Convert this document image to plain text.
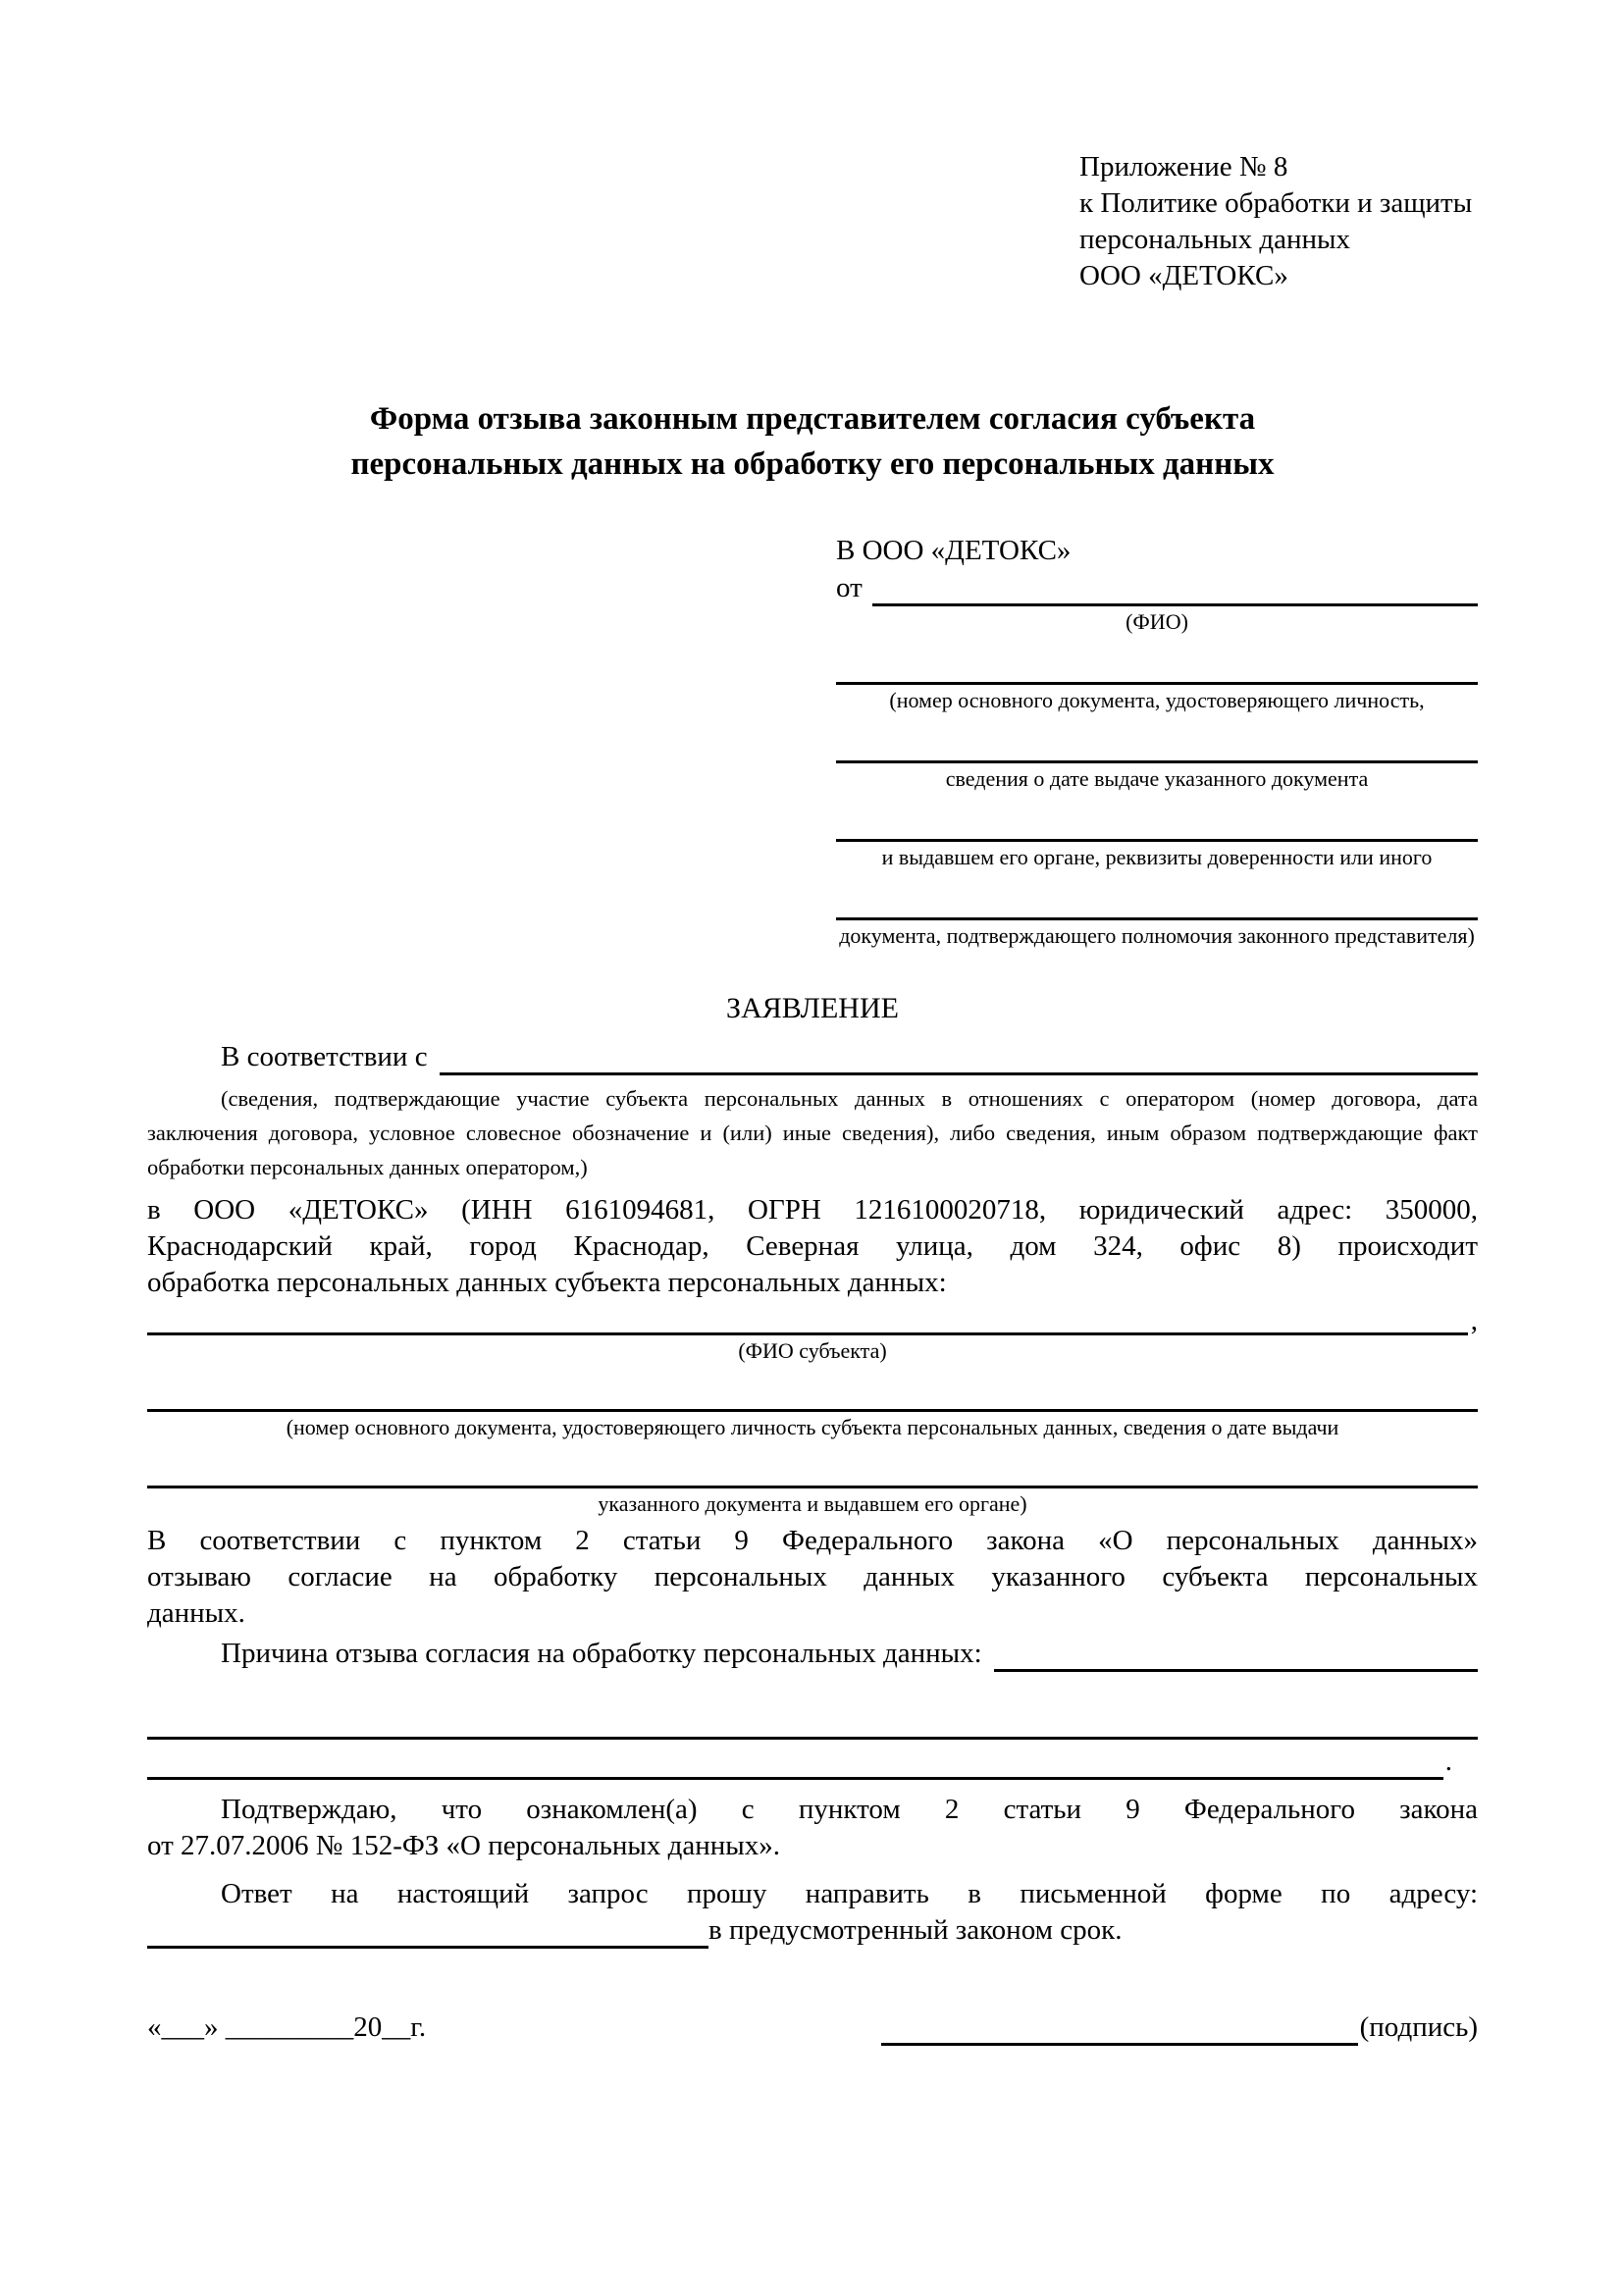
Приложение № 8
к Политике обработки и защиты
персональных данных
ООО «ДЕТОКС»
Форма отзыва законным представителем согласия субъекта
персональных данных на обработку его персональных данных
В ООО «ДЕТОКС»
от
(ФИО)
(номер основного документа, удостоверяющего личность,
сведения о дате выдаче указанного документа
и выдавшем его органе, реквизиты доверенности или иного
документа, подтверждающего полномочия законного представителя)
ЗАЯВЛЕНИЕ
В соответствии с
(сведения, подтверждающие участие субъекта персональных данных в отношениях с оператором (номер договора, дата
заключения договора, условное словесное обозначение и (или) иные сведения), либо сведения, иным образом подтверждающие факт
обработки персональных данных оператором,)
в ООО «ДЕТОКС» (ИНН 6161094681, ОГРН 1216100020718, юридический адрес: 350000,
Краснодарский край, город Краснодар, Северная улица, дом 324, офис 8) происходит
обработка персональных данных субъекта персональных данных:
,
(ФИО субъекта)
(номер основного документа, удостоверяющего личность субъекта персональных данных, сведения о дате выдачи
указанного документа и выдавшем его органе)
В соответствии с пунктом 2 статьи 9 Федерального закона «О персональных данных»
отзываю согласие на обработку персональных данных указанного субъекта персональных
данных.
Причина отзыва согласия на обработку персональных данных:
.
Подтверждаю, что ознакомлен(а) с пунктом 2 статьи 9 Федерального закона
от 27.07.2006 № 152-ФЗ «О персональных данных».
Ответ на настоящий запрос прошу направить в письменной форме по адресу:
в предусмотренный законом срок.
«___» _________20__г.	(подпись)
